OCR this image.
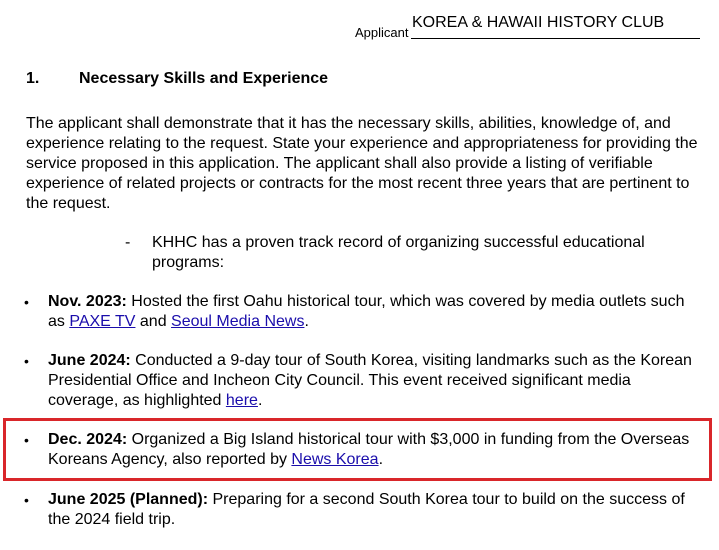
Applicant
KOREA & HAWAII HISTORY CLUB
1. Necessary Skills and Experience

The applicant shall demonstrate that it has the necessary skills, abilities, knowledge of, and experience relating to the request. State your experience and appropriateness for providing the service proposed in this application. The applicant shall also provide a listing of verifiable experience of related projects or contracts for the most recent three years that are pertinent to the request.

- KHHC has a proven track record of organizing successful educational programs:
• Nov. 2023: Hosted the first Oahu historical tour, which was covered by media outlets such as PAXE TV and Seoul Media News.
• June 2024: Conducted a 9-day tour of South Korea, visiting landmarks such as the Korean Presidential Office and Incheon City Council. This event received significant media coverage, as highlighted here.
• Dec. 2024: Organized a Big Island historical tour with $3,000 in funding from the Overseas Koreans Agency, also reported by News Korea.
• June 2025 (Planned): Preparing for a second South Korea tour to build on the success of the 2024 field trip.
